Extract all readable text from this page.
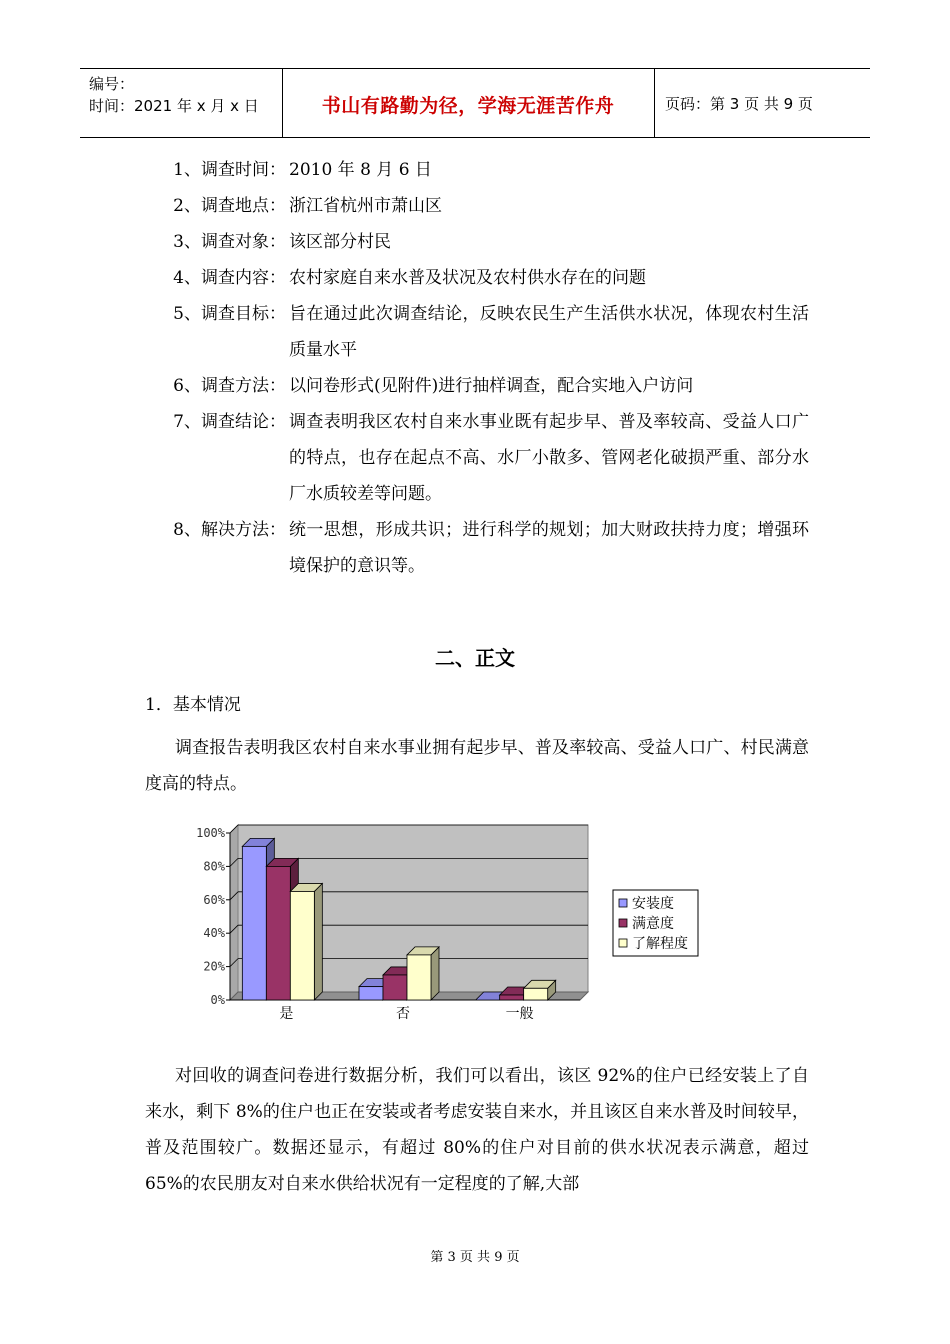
编号：
时间：2021 年 x 月 x 日	书山有路勤为径，学海无涯苦作舟	页码：第 3 页 共 9 页
1 、调查时间： 2010 年 8 月 6 日
2 、调查地点： 浙江省杭州市萧山区
3 、调查对象： 该区部分村民
4 、调查内容： 农村家庭自来水普及状况及农村供水存在的问题
5 、调查目标： 旨在通过此次调查结论，反映农民生产生活供水状况，体现农村生活质量水平
6 、调查方法： 以问卷形式(见附件)进行抽样调查，配合实地入户访问
7 、调查结论： 调查表明我区农村自来水事业既有起步早、普及率较高、受益人口广的特点，也存在起点不高、水厂小散多、管网老化破损严重、部分水厂水质较差等问题。
8 、解决方法： 统一思想，形成共识；进行科学的规划；加大财政扶持力度；增强环境保护的意识等。
二、正文
1．基本情况
调查报告表明我区农村自来水事业拥有起步早、普及率较高、受益人口广、村民满意度高的特点。
0%
20%
40%
60%
80%
100%
是	否	一般
安装度
满意度
了解程度
对回收的调查问卷进行数据分析，我们可以看出，该区 92%的住户已经安装上了自来水，剩下 8%的住户也正在安装或者考虑安装自来水，并且该区自来水普及时间较早，普及范围较广。数据还显示，有超过 80%的住户对目前的供水状况表示满意，超过 65%的农民朋友对自来水供给状况有一定程度的了解,大部
第 3 页 共 9 页
